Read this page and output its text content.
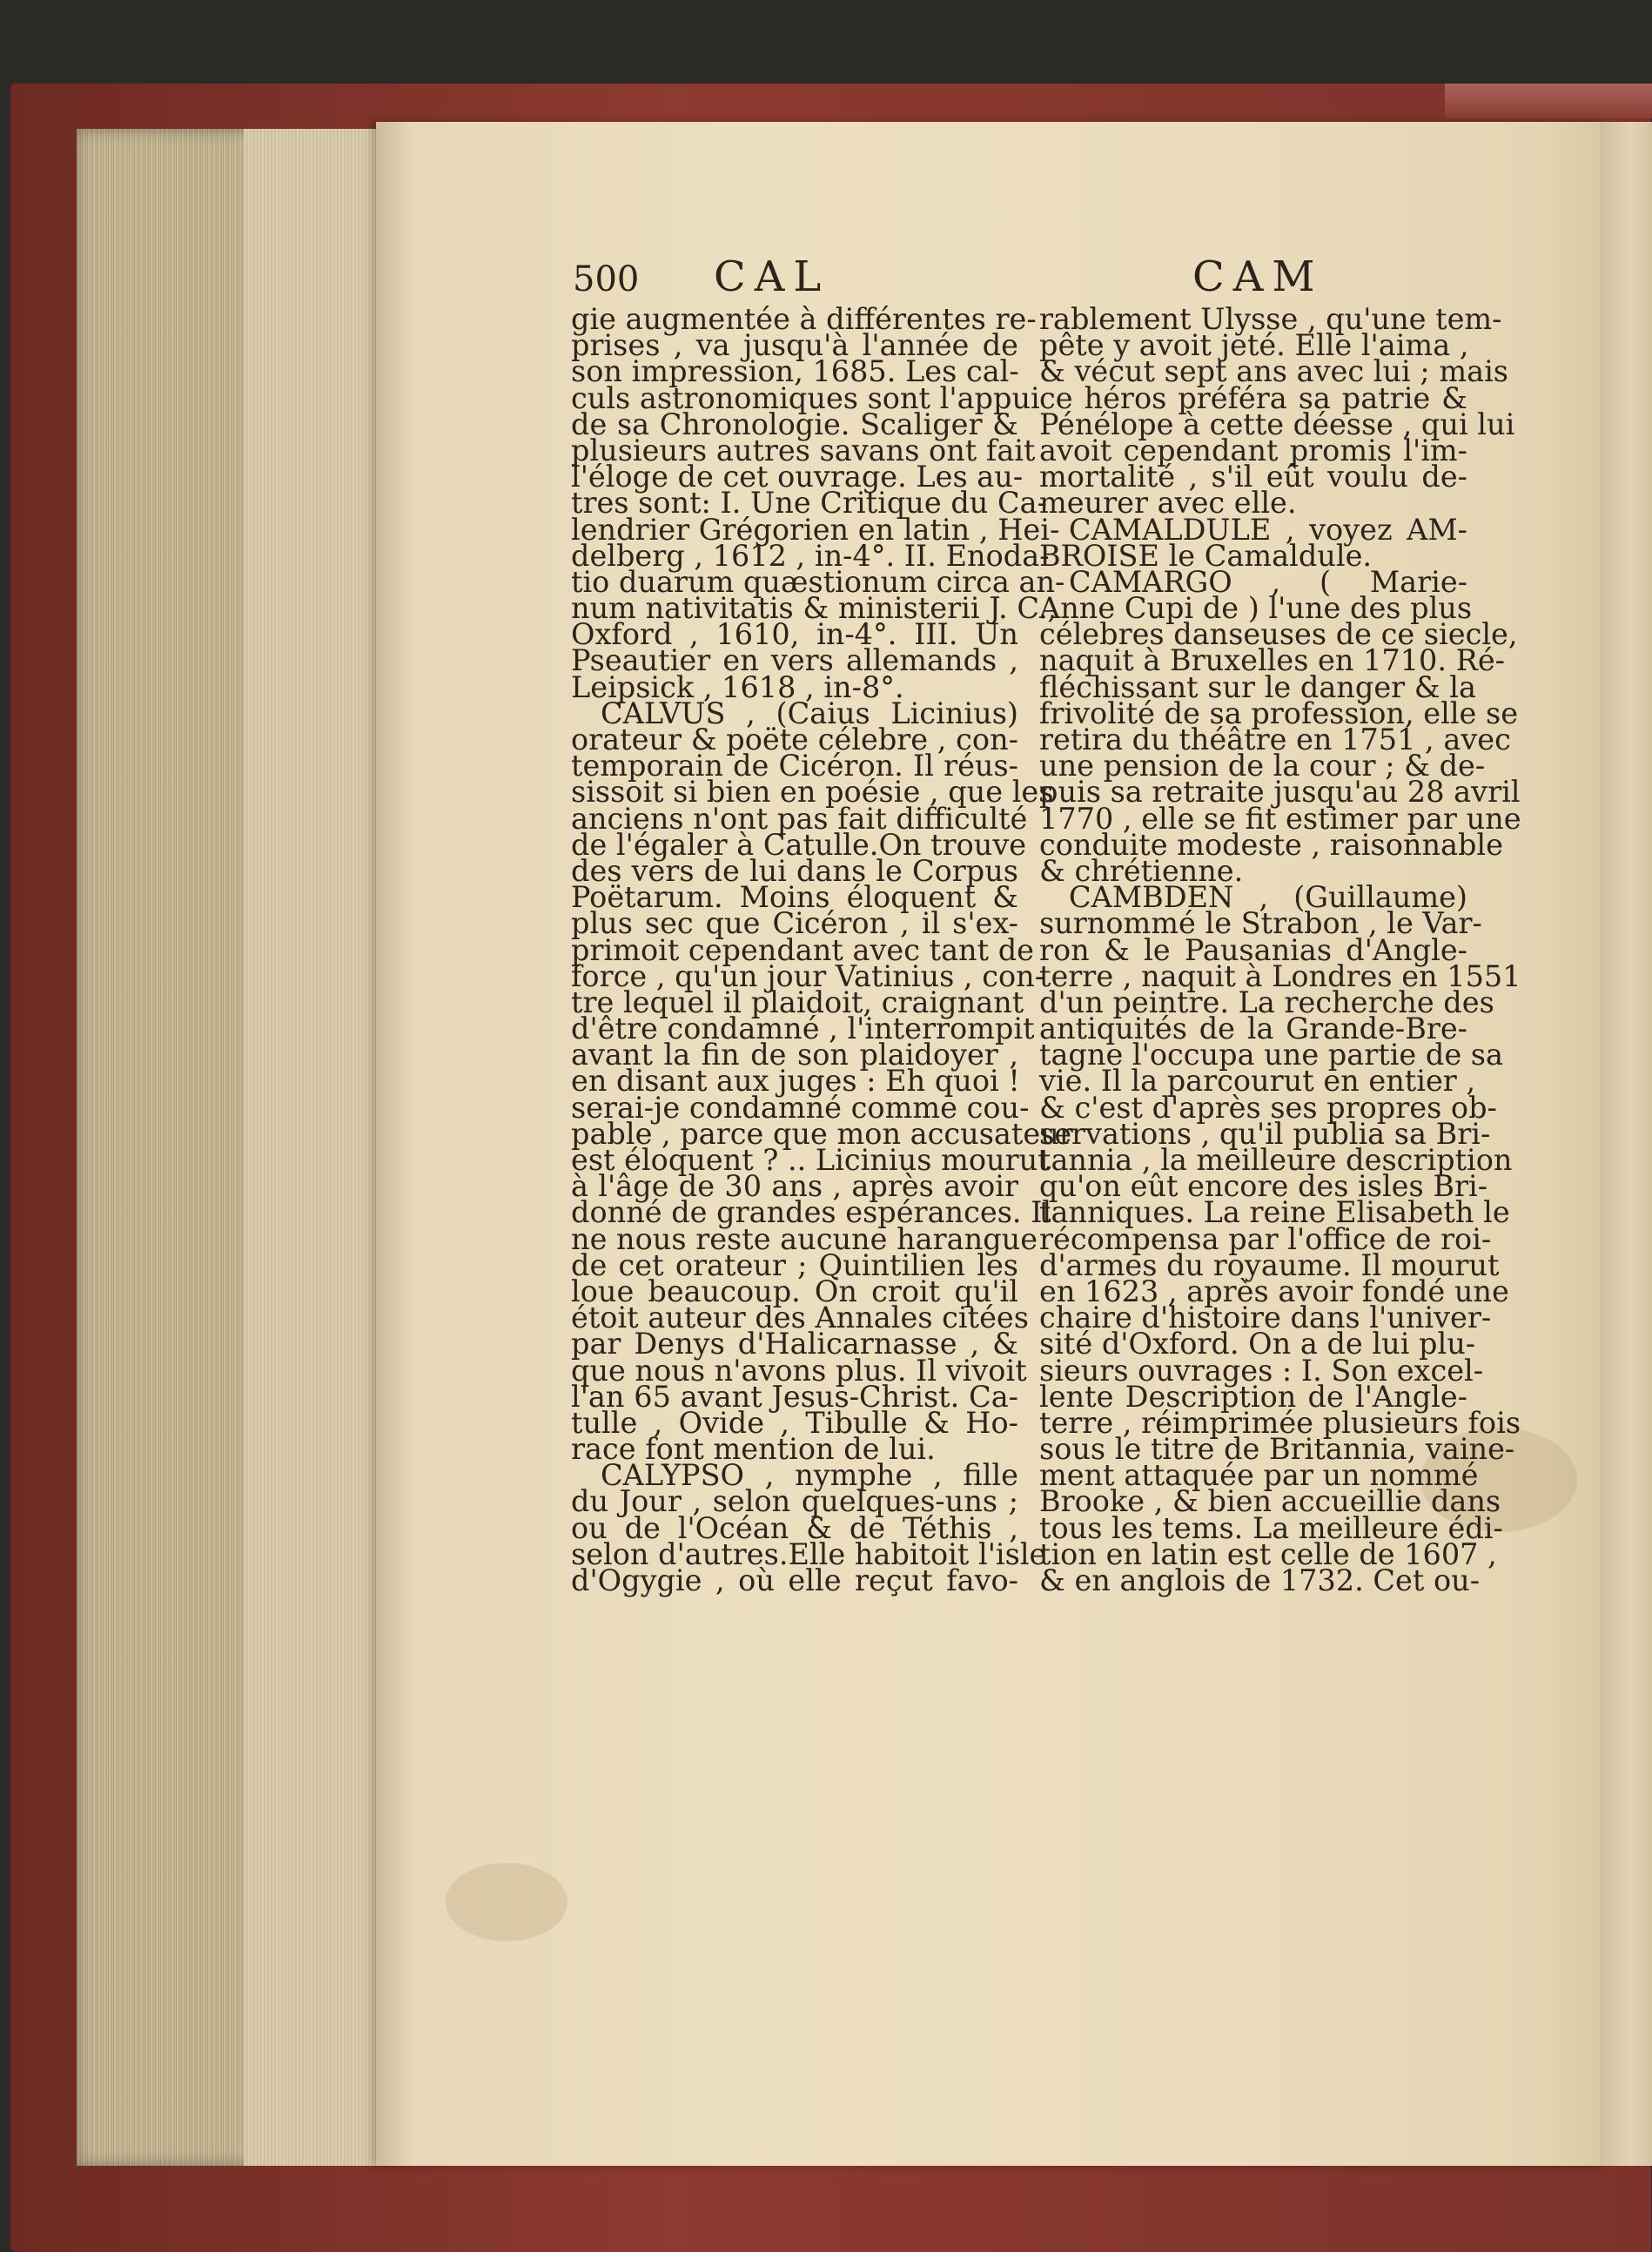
500 CAL	CAM
gie augmentée à différentes re-
prises , va jusqu'à l'année de
son impression, 1685. Les cal-
culs astronomiques sont l'appui
de sa Chronologie. Scaliger &
plusieurs autres savans ont fait
l'éloge de cet ouvrage. Les au-
tres sont: I. Une Critique du Ca-
lendrier Grégorien en latin , Hei-
delberg , 1612 , in-4°. II. Enoda-
tio duarum quæstionum circa an-
num nativitatis & ministerii J. C.,
Oxford , 1610, in-4°. III. Un
Pseautier en vers allemands ,
Leipsick , 1618 , in-8°.
CALVUS , (Caius Licinius)
orateur & poëte célebre , con-
temporain de Cicéron. Il réus-
sissoit si bien en poésie , que les
anciens n'ont pas fait difficulté
de l'égaler à Catulle.On trouve
des vers de lui dans le Corpus
Poëtarum. Moins éloquent &
plus sec que Cicéron , il s'ex-
primoit cependant avec tant de
force , qu'un jour Vatinius , con-
tre lequel il plaidoit, craignant
d'être condamné , l'interrompit
avant la fin de son plaidoyer ,
en disant aux juges : Eh quoi !
serai-je condamné comme cou-
pable , parce que mon accusateur
est éloquent ? .. Licinius mourut
à l'âge de 30 ans , après avoir
donné de grandes espérances. Il
ne nous reste aucune harangue
de cet orateur ; Quintilien les
loue beaucoup. On croit qu'il
étoit auteur des Annales citées
par Denys d'Halicarnasse , &
que nous n'avons plus. Il vivoit
l'an 65 avant Jesus-Christ. Ca-
tulle , Ovide , Tibulle & Ho-
race font mention de lui.
CALYPSO , nymphe , fille
du Jour , selon quelques-uns ;
ou de l'Océan & de Téthis ,
selon d'autres.Elle habitoit l'isle
d'Ogygie , où elle reçut favo-
rablement Ulysse , qu'une tem-
pête y avoit jeté. Elle l'aima ,
& vécut sept ans avec lui ; mais
ce héros préféra sa patrie &
Pénélope à cette déesse , qui lui
avoit cependant promis l'im-
mortalité , s'il eût voulu de-
meurer avec elle.
CAMALDULE , voyez AM-
BROISE le Camaldule.
CAMARGO , ( Marie-
Anne Cupi de ) l'une des plus
célebres danseuses de ce siecle,
naquit à Bruxelles en 1710. Ré-
fléchissant sur le danger & la
frivolité de sa profession, elle se
retira du théâtre en 1751 , avec
une pension de la cour ; & de-
puis sa retraite jusqu'au 28 avril
1770 , elle se fit estimer par une
conduite modeste , raisonnable
& chrétienne.
CAMBDEN , (Guillaume)
surnommé le Strabon , le Var-
ron & le Pausanias d'Angle-
terre , naquit à Londres en 1551
d'un peintre. La recherche des
antiquités de la Grande-Bre-
tagne l'occupa une partie de sa
vie. Il la parcourut en entier ,
& c'est d'après ses propres ob-
servations , qu'il publia sa Bri-
tannia , la meilleure description
qu'on eût encore des isles Bri-
tanniques. La reine Elisabeth le
récompensa par l'office de roi-
d'armes du royaume. Il mourut
en 1623 , après avoir fondé une
chaire d'histoire dans l'univer-
sité d'Oxford. On a de lui plu-
sieurs ouvrages : I. Son excel-
lente Description de l'Angle-
terre , réimprimée plusieurs fois
sous le titre de Britannia, vaine-
ment attaquée par un nommé
Brooke , & bien accueillie dans
tous les tems. La meilleure édi-
tion en latin est celle de 1607 ,
& en anglois de 1732. Cet ou-
